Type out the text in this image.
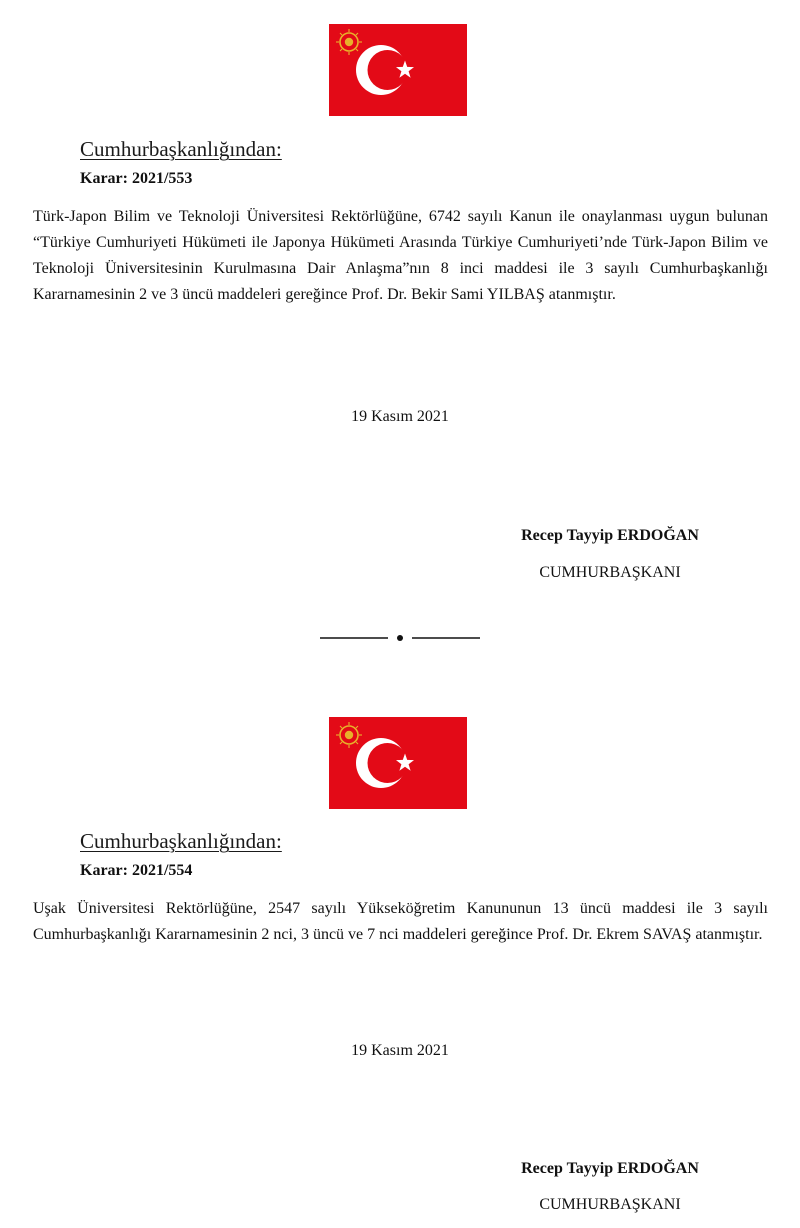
Cumhurbaşkanlığından:
Karar: 2021/553

Türk-Japon Bilim ve Teknoloji Üniversitesi Rektörlüğüne, 6742 sayılı Kanun ile onaylanması uygun bulunan “Türkiye Cumhuriyeti Hükümeti ile Japonya Hükümeti Arasında Türkiye Cumhuriyeti’nde Türk-Japon Bilim ve Teknoloji Üniversitesinin Kurulmasına Dair Anlaşma”nın 8 inci maddesi ile 3 sayılı Cumhurbaşkanlığı Kararnamesinin 2 ve 3 üncü maddeleri gereğince Prof. Dr. Bekir Sami YILBAŞ atanmıştır.

19 Kasım 2021
Recep Tayyip ERDOĞAN
CUMHURBAŞKANI
Cumhurbaşkanlığından:
Karar: 2021/554

Uşak Üniversitesi Rektörlüğüne, 2547 sayılı Yükseköğretim Kanununun 13 üncü maddesi ile 3 sayılı Cumhurbaşkanlığı Kararnamesinin 2 nci, 3 üncü ve 7 nci maddeleri gereğince Prof. Dr. Ekrem SAVAŞ atanmıştır.

19 Kasım 2021
Recep Tayyip ERDOĞAN
CUMHURBAŞKANI
